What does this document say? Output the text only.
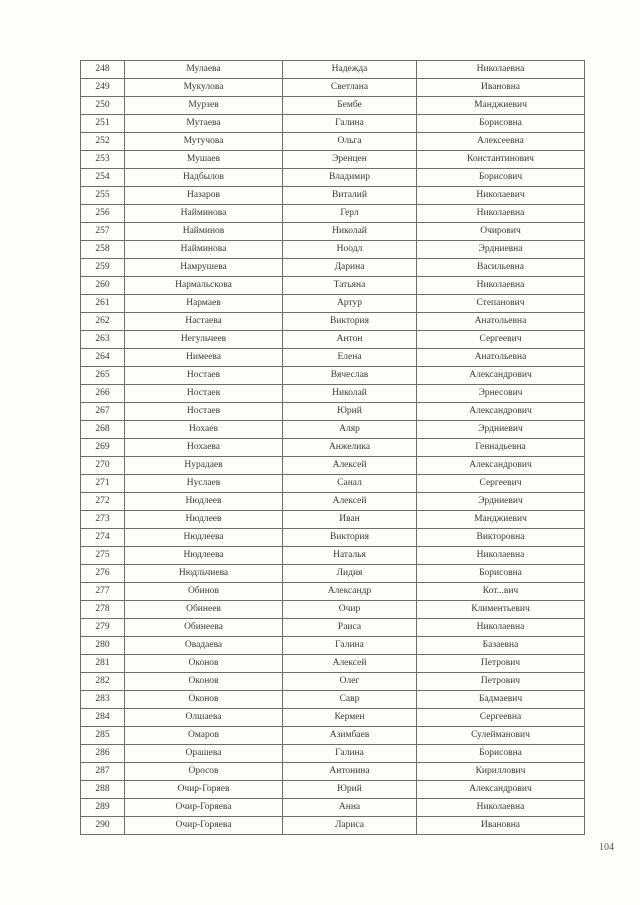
248	Мулаева	Надежда	Николаевна
249	Мукулова	Светлана	Ивановна
250	Мурзев	Бембе	Манджиевич
251	Мутаева	Галина	Борисовна
252	Мутучова	Ольга	Алексеевна
253	Мушаев	Эренцен	Константинович
254	Надбылов	Владимир	Борисович
255	Назаров	Виталий	Николаевич
256	Найминова	Герл	Николаевна
257	Найминов	Николай	Очирович
258	Найминова	Ноодл	Эрдниевна
259	Намрушева	Дарина	Васильевна
260	Нармальскова	Татьяна	Николаевна
261	Нармаев	Артур	Степанович
262	Настаева	Виктория	Анатольевна
263	Негульчеев	Антон	Сергеевич
264	Нимеева	Елена	Анатольевна
265	Ностаев	Вячеслав	Александрович
266	Ностаев	Николай	Эрнесович
267	Ностаев	Юрий	Александрович
268	Нохаев	Аляр	Эрдниевич
269	Нохаева	Анжелика	Геннадьевна
270	Нурадаев	Алексей	Александрович
271	Нуслаев	Санал	Сергеевич
272	Нюдлеев	Алексей	Эрдниевич
273	Нюдлеев	Иван	Манджиевич
274	Нюдлеева	Виктория	Викторовна
275	Нюдлеева	Наталья	Николаевна
276	Нюдльчиева	Лидия	Борисовна
277	Обинов	Александр	Кот...вич
278	Обинеев	Очир	Климентьевич
279	Обинеева	Раиса	Николаевна
280	Овадаева	Галина	Базаевна
281	Оконов	Алексей	Петрович
282	Оконов	Олег	Петрович
283	Оконов	Савр	Бадмаевич
284	Олшаева	Кермен	Сергеевна
285	Омаров	Азимбаев	Сулейманович
286	Орашева	Галина	Борисовна
287	Оросов	Антонина	Кириллович
288	Очир-Горяев	Юрий	Александрович
289	Очир-Горяева	Анна	Николаевна
290	Очир-Горяева	Лариса	Ивановна
104
